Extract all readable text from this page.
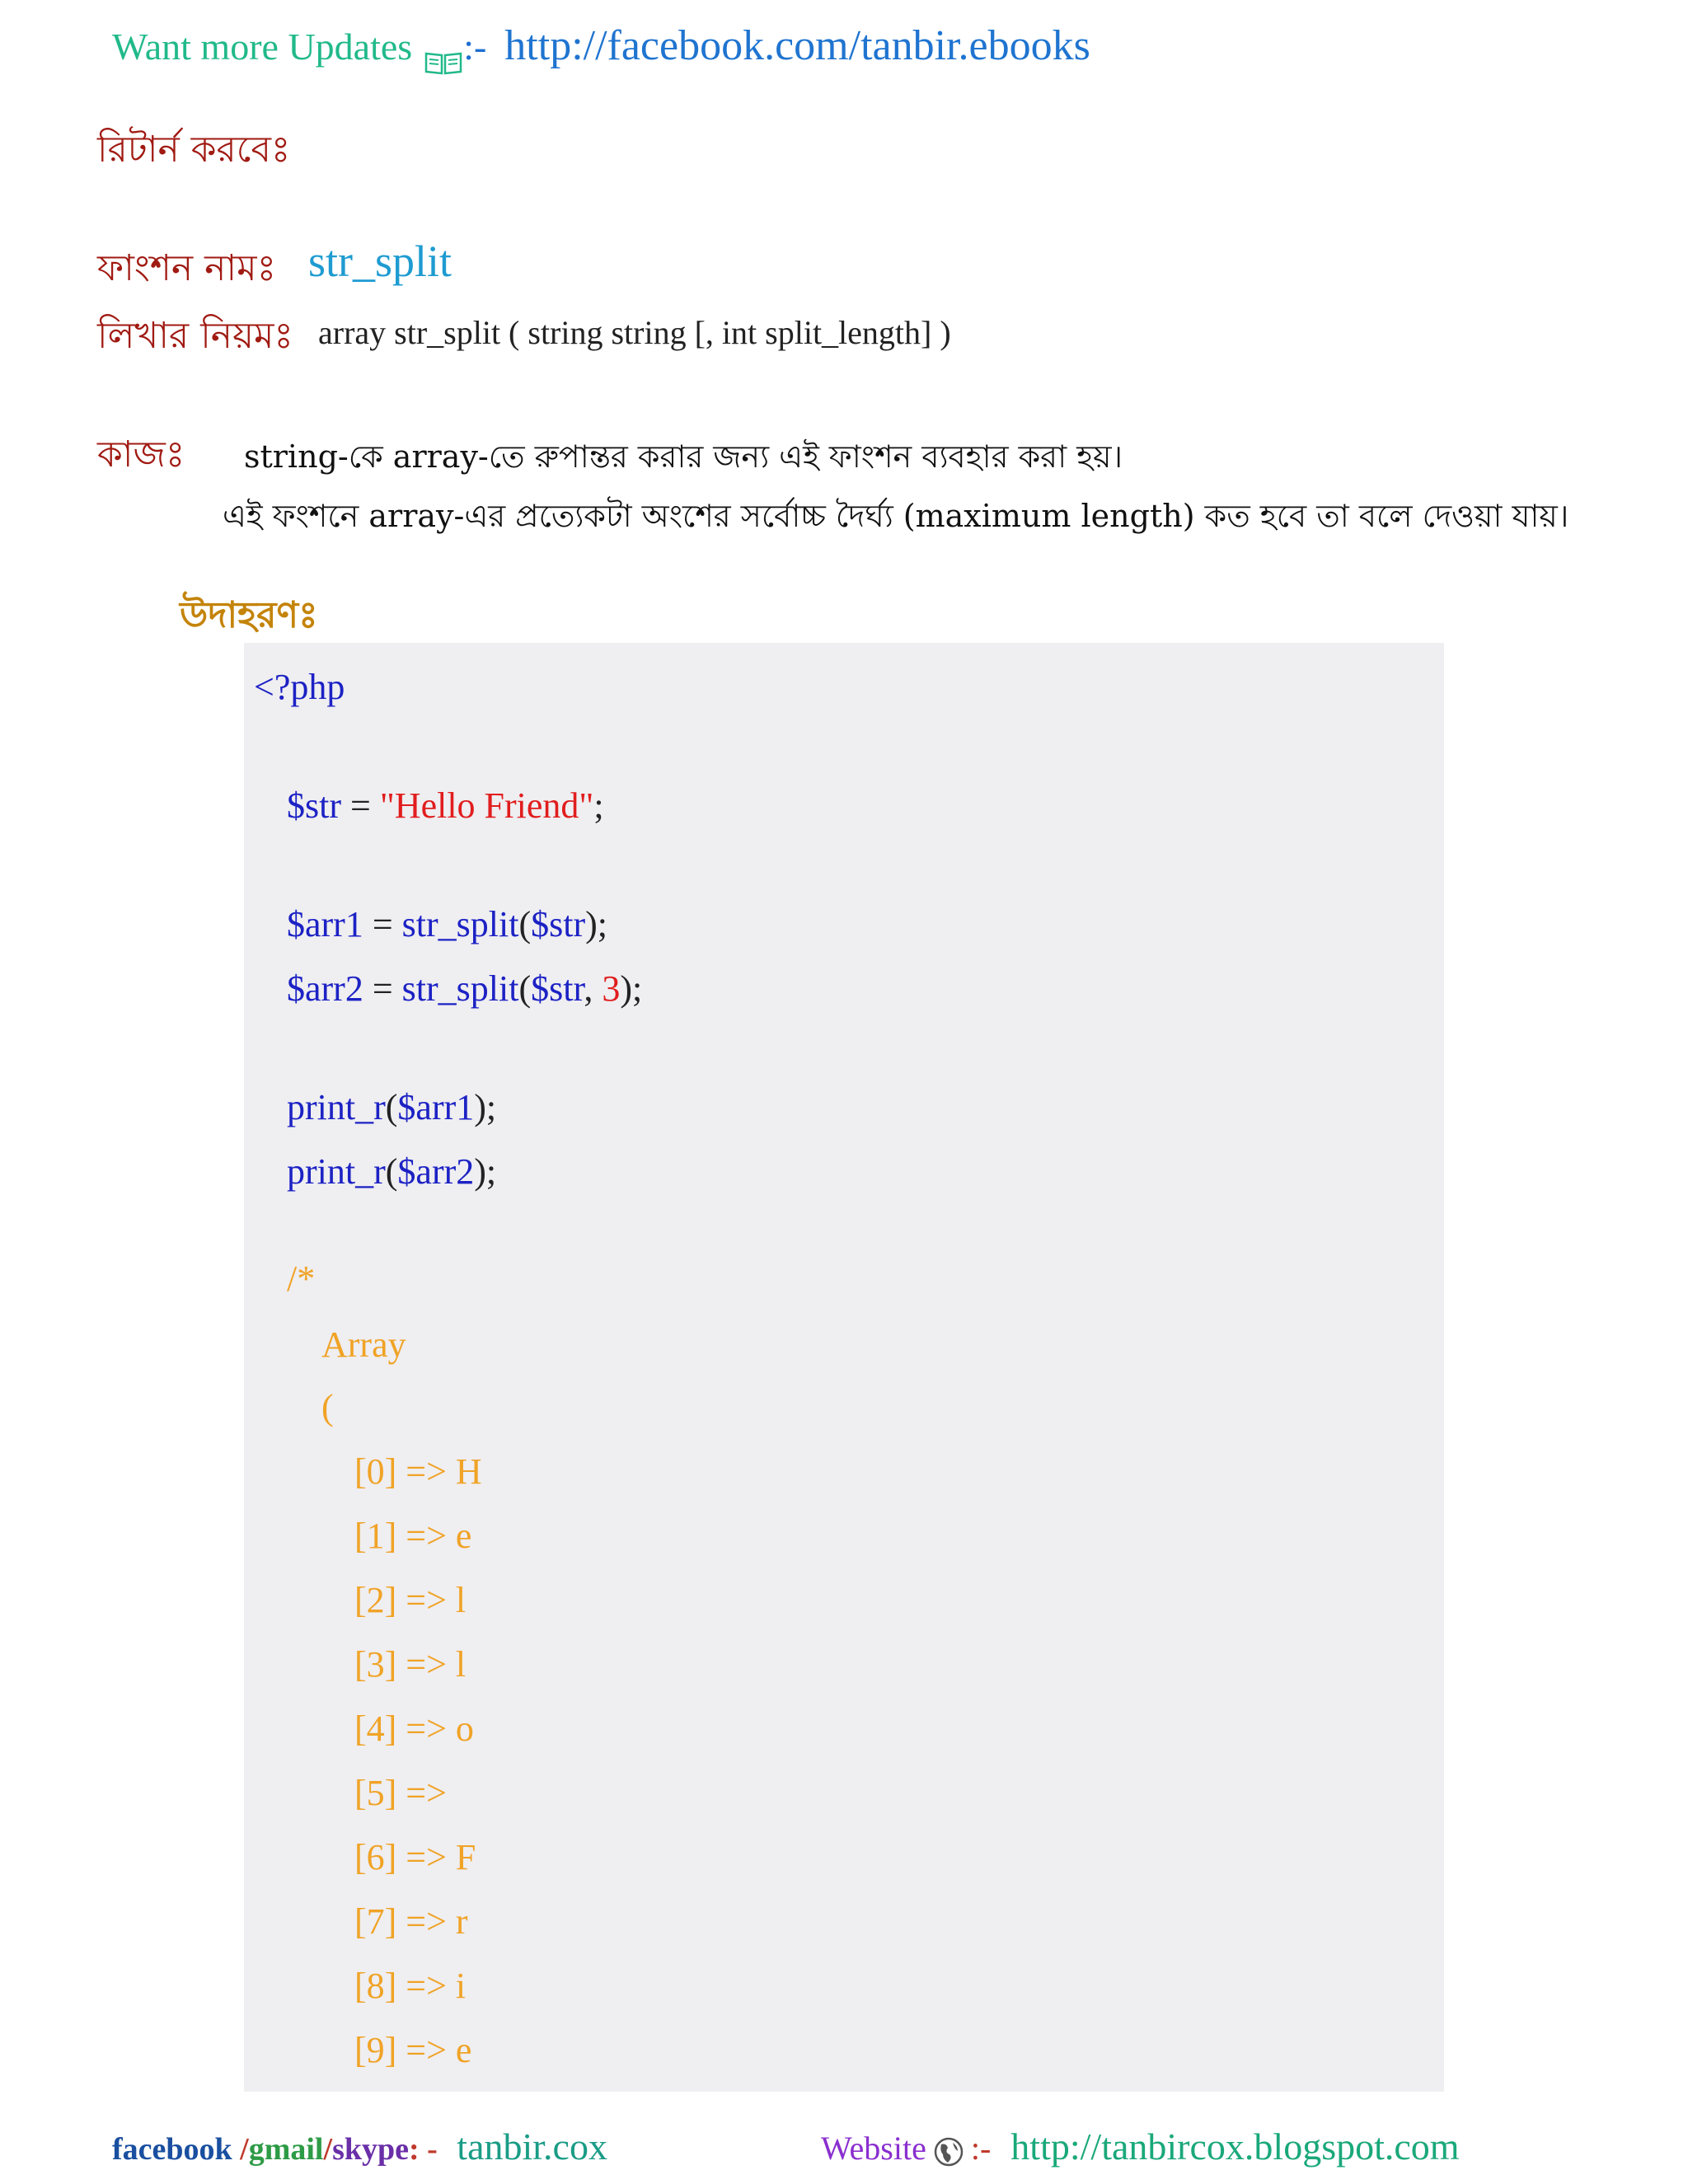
Want more Updates :- http://facebook.com/tanbir.ebooks
রিটার্ন করবেঃ
ফাংশন নামঃ str_split
লিখার নিয়মঃ array str_split ( string string [, int split_length] )
কাজঃ string-কে array-তে রুপান্তর করার জন্য এই ফাংশন ব্যবহার করা হয়।
এই ফংশনে array-এর প্রত্যেকটা অংশের সর্বোচ্চ দৈর্ঘ্য (maximum length) কত হবে তা বলে দেওয়া যায়।
উদাহরণঃ
<?php
$str = "Hello Friend";
$arr1 = str_split($str);
$arr2 = str_split($str, 3);
print_r($arr1);
print_r($arr2);
/*
Array
(
[0] => H
[1] => e
[2] => l
[3] => l
[4] => o
[5] =>
[6] => F
[7] => r
[8] => i
[9] => e
facebook /gmail/skype: - tanbir.cox	Website :- http://tanbircox.blogspot.com
